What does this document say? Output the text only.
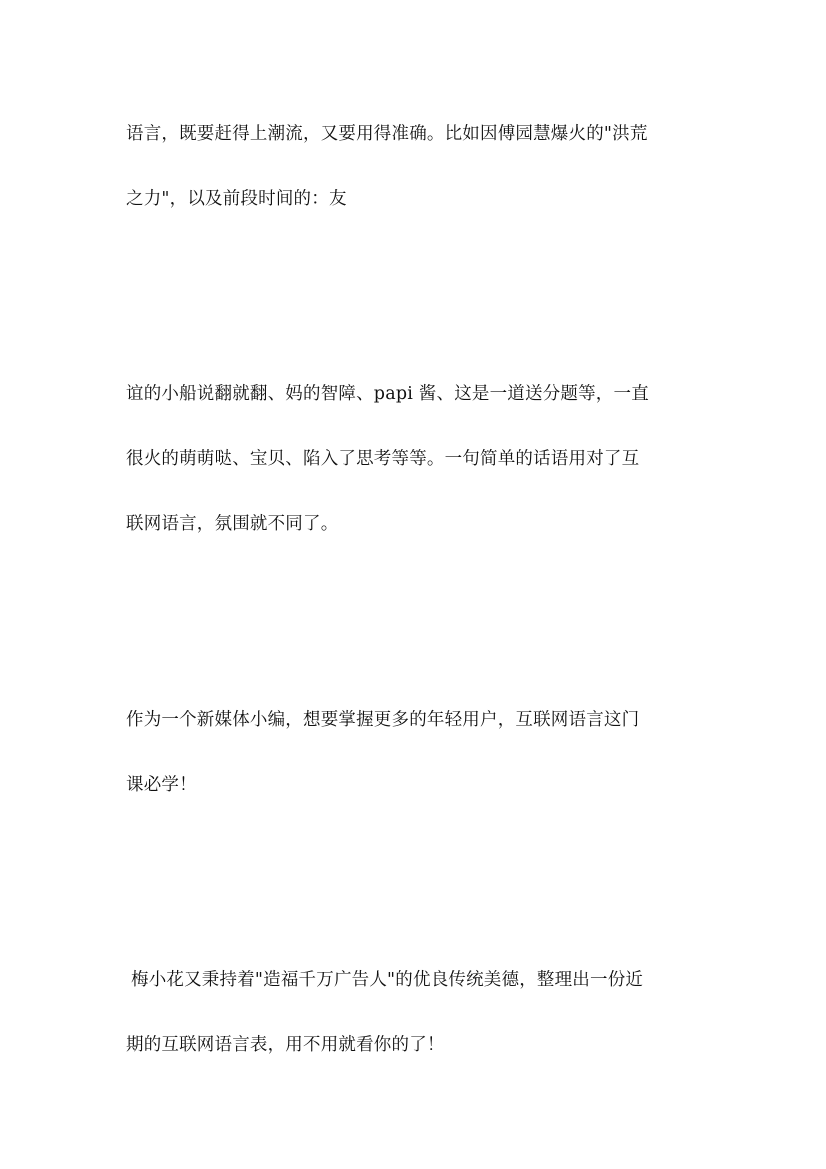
语言，既要赶得上潮流，又要用得准确。比如因傅园慧爆火的"洪荒
之力"，以及前段时间的：友
谊的小船说翻就翻、妈的智障、papi 酱、这是一道送分题等，一直
很火的萌萌哒、宝贝、陷入了思考等等。一句简单的话语用对了互
联网语言，氛围就不同了。
作为一个新媒体小编，想要掌握更多的年轻用户，互联网语言这门
课必学！
梅小花又秉持着"造福千万广告人"的优良传统美德，整理出一份近
期的互联网语言表，用不用就看你的了！
